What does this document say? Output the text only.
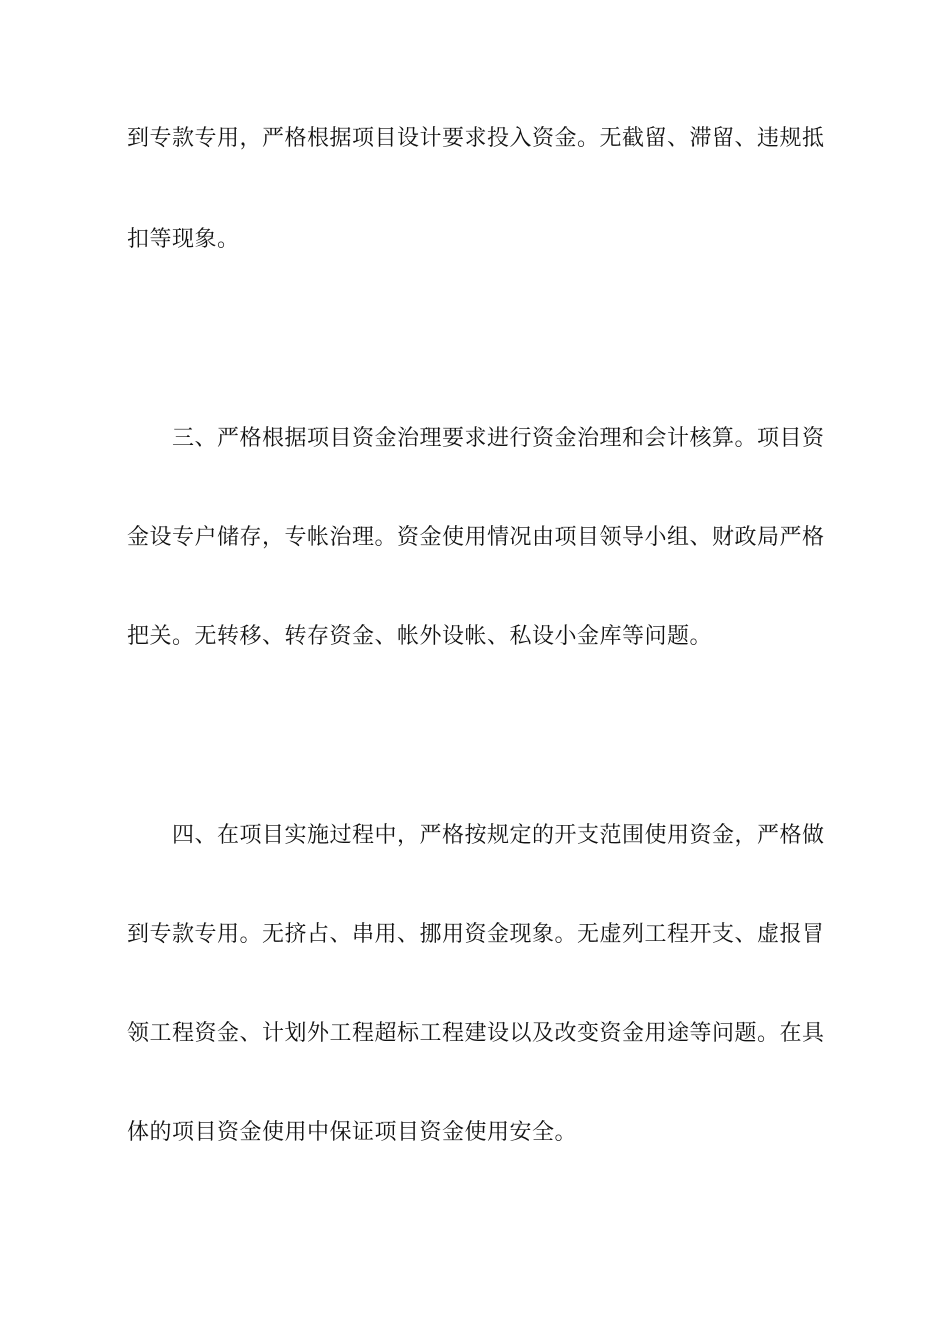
到专款专用，严格根据项目设计要求投入资金。无截留、滞留、违规抵
扣等现象。
三、严格根据项目资金治理要求进行资金治理和会计核算。项目资
金设专户储存，专帐治理。资金使用情况由项目领导小组、财政局严格
把关。无转移、转存资金、帐外设帐、私设小金库等问题。
四、在项目实施过程中，严格按规定的开支范围使用资金，严格做
到专款专用。无挤占、串用、挪用资金现象。无虚列工程开支、虚报冒
领工程资金、计划外工程超标工程建设以及改变资金用途等问题。在具
体的项目资金使用中保证项目资金使用安全。
